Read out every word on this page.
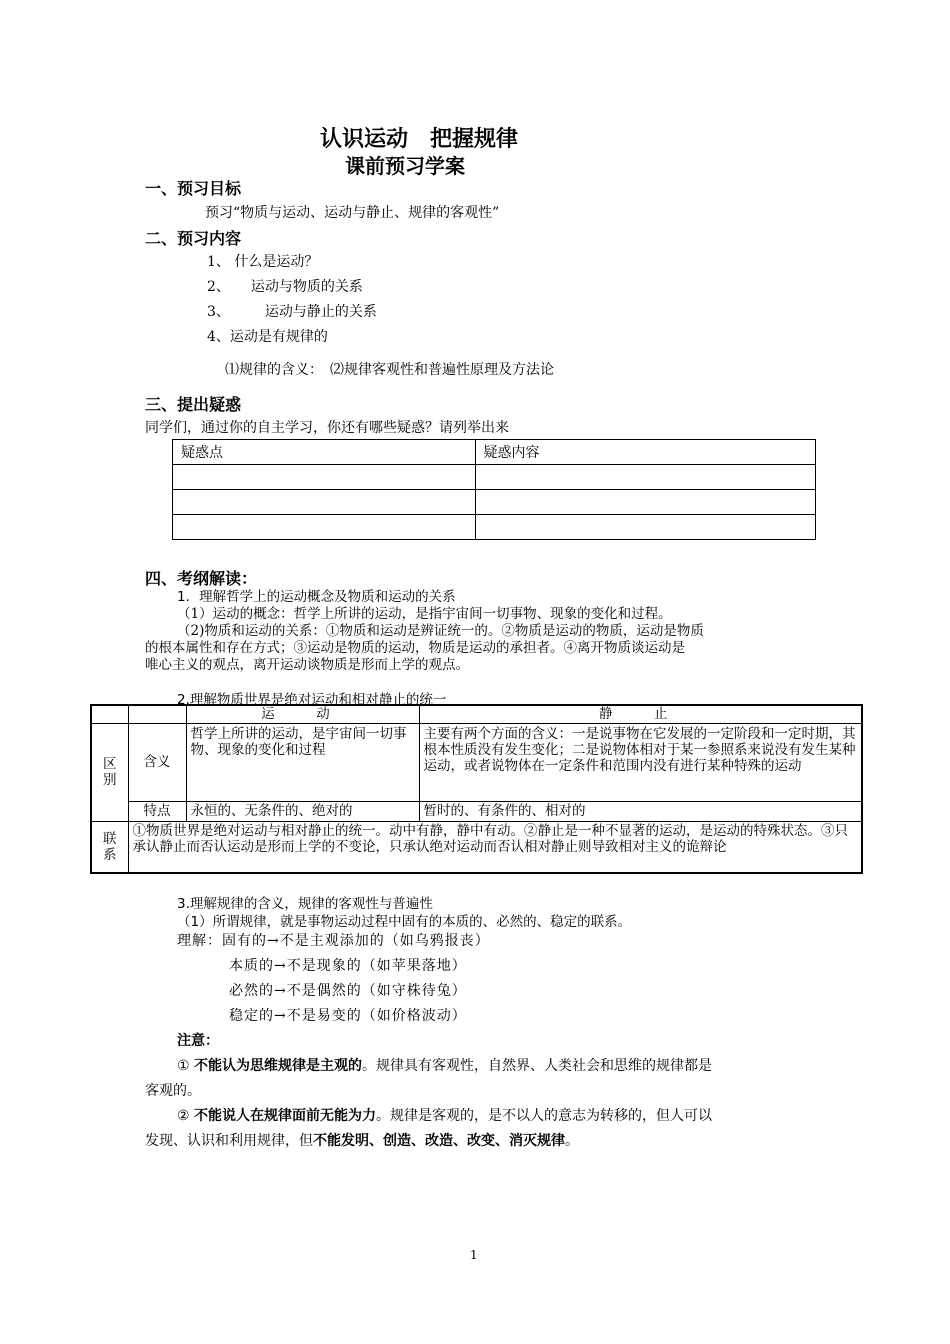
认识运动　把握规律
课前预习学案
一、预习目标
预习“物质与运动、运动与静止、规律的客观性”
二、预习内容
1、 什么是运动？
2、　　运动与物质的关系
3、　　　运动与静止的关系
4、运动是有规律的
⑴规律的含义：　⑵规律客观性和普遍性原理及方法论
三、提出疑惑
同学们，通过你的自主学习，你还有哪些疑惑？请列举出来
疑惑点	疑惑内容

四、考纲解读：
1．理解哲学上的运动概念及物质和运动的关系
（1）运动的概念：哲学上所讲的运动，是指宇宙间一切事物、现象的变化和过程。
（2)物质和运动的关系：①物质和运动是辨证统一的。②物质是运动的物质，运动是物质
的根本属性和存在方式；③运动是物质的运动，物质是运动的承担者。④离开物质谈运动是
唯心主义的观点，离开运动谈物质是形而上学的观点。
2.理解物质世界是绝对运动和相对静止的统一
		运　动	静　止
区别	含义	哲学上所讲的运动，是宇宙间一切事物、现象的变化和过程	主要有两个方面的含义：一是说事物在它发展的一定阶段和一定时期，其根本性质没有发生变化；二是说物体相对于某一参照系来说没有发生某种运动，或者说物体在一定条件和范围内没有进行某种特殊的运动
	特点	永恒的、无条件的、绝对的	暂时的、有条件的、相对的
联系	①物质世界是绝对运动与相对静止的统一。动中有静，静中有动。②静止是一种不显著的运动，是运动的特殊状态。③只承认静止而否认运动是形而上学的不变论，只承认绝对运动而否认相对静止则导致相对主义的诡辩论		
3.理解规律的含义，规律的客观性与普遍性
（1）所谓规律，就是事物运动过程中固有的本质的、必然的、稳定的联系。
理解：固有的→不是主观添加的（如乌鸦报丧）
本质的→不是现象的（如苹果落地）
必然的→不是偶然的（如守株待兔）
稳定的→不是易变的（如价格波动）
注意：
① 不能认为思维规律是主观的。规律具有客观性，自然界、人类社会和思维的规律都是
客观的。
② 不能说人在规律面前无能为力。规律是客观的，是不以人的意志为转移的，但人可以
发现、认识和利用规律，但不能发明、创造、改造、改变、消灭规律。
1
